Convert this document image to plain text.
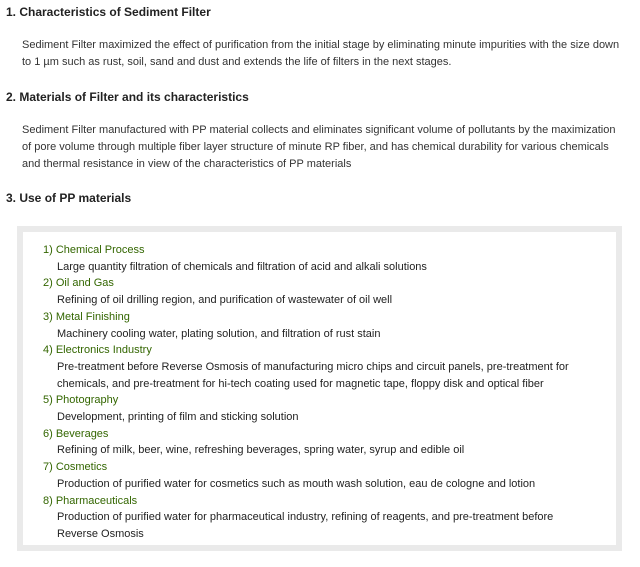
1. Characteristics of Sediment Filter

Sediment Filter maximized the effect of purification from the initial stage by eliminating minute impurities with the size down to 1 µm such as rust, soil, sand and dust and extends the life of filters in the next stages.

2. Materials of Filter and its characteristics

Sediment Filter manufactured with PP material collects and eliminates significant volume of pollutants by the maximization of pore volume through multiple fiber layer structure of minute RP fiber, and has chemical durability for various chemicals and thermal resistance in view of the characteristics of PP materials

3. Use of PP materials
1) Chemical Process
Large quantity filtration of chemicals and filtration of acid and alkali solutions
2) Oil and Gas
Refining of oil drilling region, and purification of wastewater of oil well
3) Metal Finishing
Machinery cooling water, plating solution, and filtration of rust stain
4) Electronics Industry
Pre-treatment before Reverse Osmosis of manufacturing micro chips and circuit panels, pre-treatment for chemicals, and pre-treatment for hi-tech coating used for magnetic tape, floppy disk and optical fiber
5) Photography
Development, printing of film and sticking solution
6) Beverages
Refining of milk, beer, wine, refreshing beverages, spring water, syrup and edible oil
7) Cosmetics
Production of purified water for cosmetics such as mouth wash solution, eau de cologne and lotion
8) Pharmaceuticals
Production of purified water for pharmaceutical industry, refining of reagents, and pre-treatment before Reverse Osmosis
